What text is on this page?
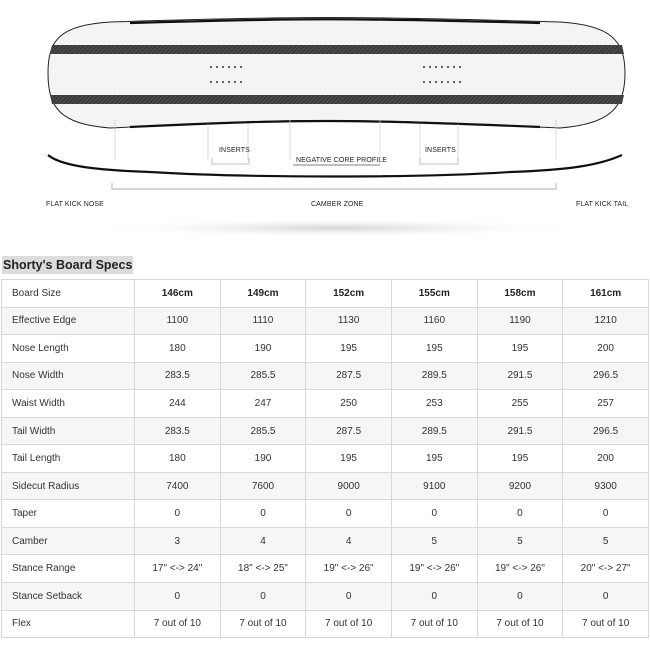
INSERTS	INSERTS
NEGATIVE CORE PROFILE
FLAT KICK NOSE	CAMBER ZONE	FLAT KICK TAIL
Shorty's Board Specs
Board Size	146cm	149cm	152cm	155cm	158cm	161cm
Effective Edge	1100	1110	1130	1160	1190	1210
Nose Length	180	190	195	195	195	200
Nose Width	283.5	285.5	287.5	289.5	291.5	296.5
Waist Width	244	247	250	253	255	257
Tail Width	283.5	285.5	287.5	289.5	291.5	296.5
Tail Length	180	190	195	195	195	200
Sidecut Radius	7400	7600	9000	9100	9200	9300
Taper	0	0	0	0	0	0
Camber	3	4	4	5	5	5
Stance Range	17" <-> 24"	18" <-> 25"	19" <-> 26"	19" <-> 26"	19" <-> 26"	20" <-> 27"
Stance Setback	0	0	0	0	0	0
Flex	7 out of 10	7 out of 10	7 out of 10	7 out of 10	7 out of 10	7 out of 10
